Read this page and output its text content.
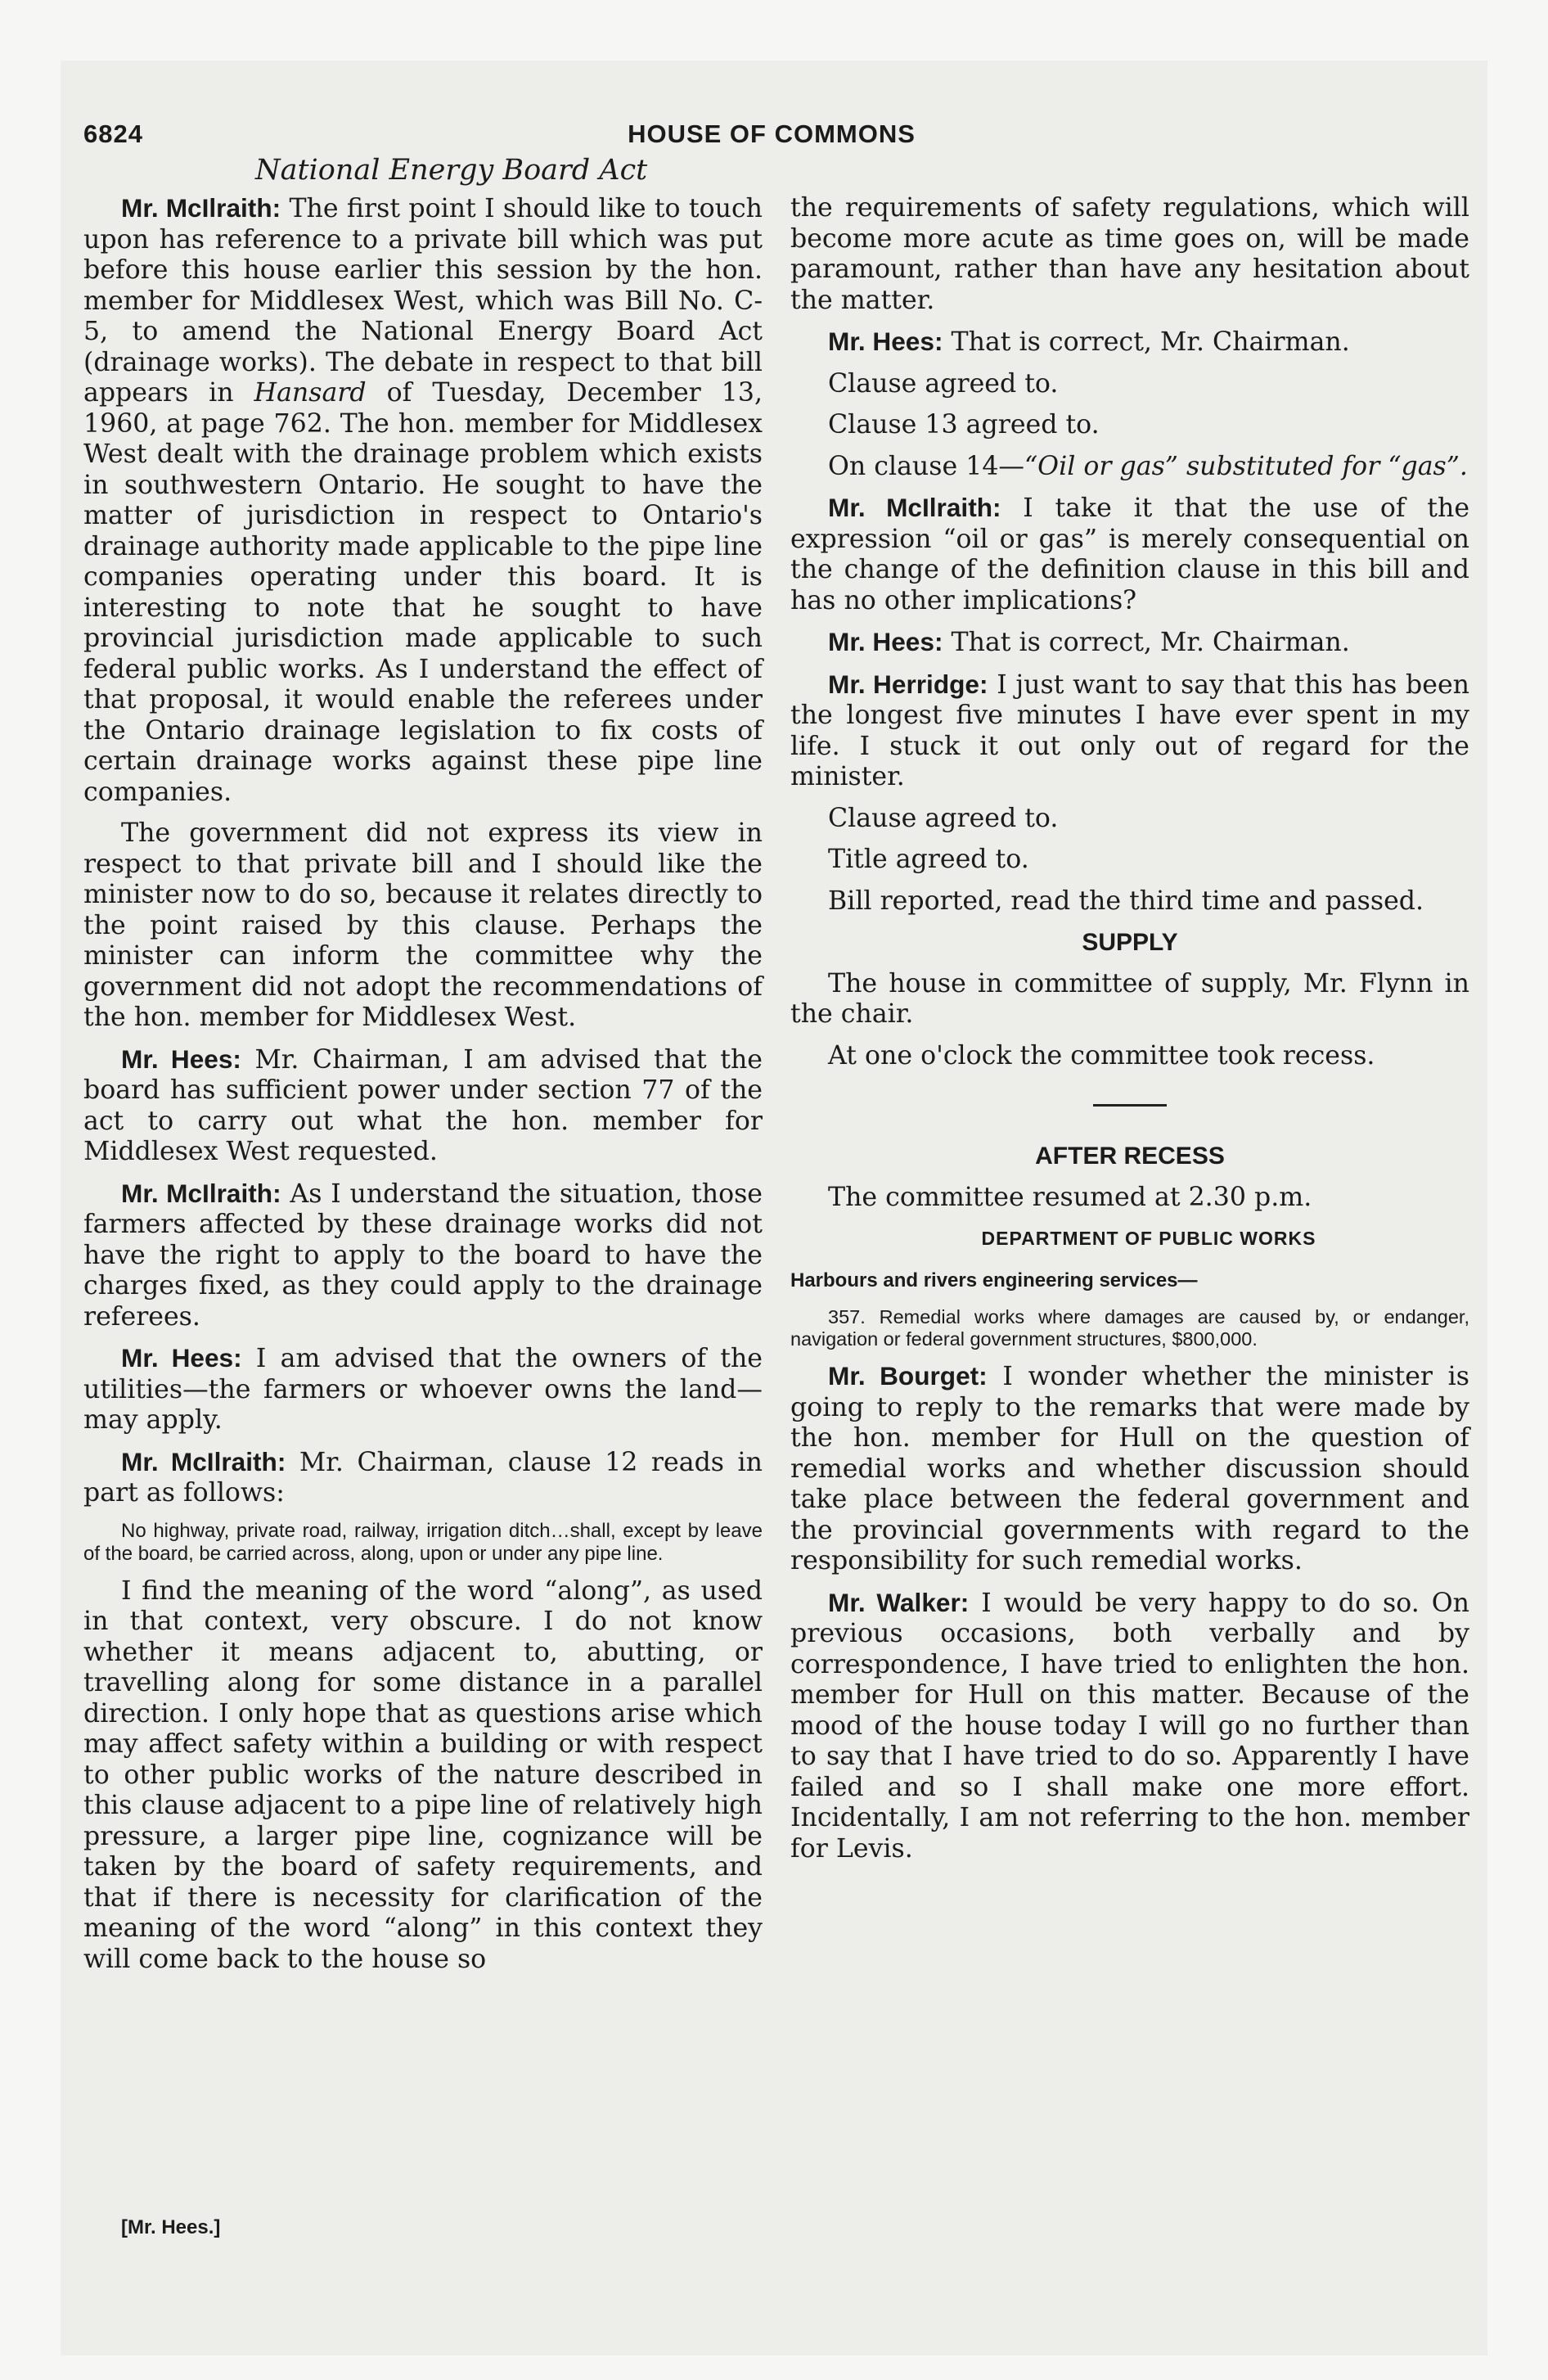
6824	HOUSE OF COMMONS
National Energy Board Act

Mr. McIlraith: The first point I should like to touch upon has reference to a private bill which was put before this house earlier this session by the hon. member for Middlesex West, which was Bill No. C-5, to amend the National Energy Board Act (drainage works). The debate in respect to that bill appears in Hansard of Tuesday, December 13, 1960, at page 762. The hon. member for Middlesex West dealt with the drainage problem which exists in southwestern Ontario. He sought to have the matter of jurisdiction in respect to Ontario's drainage authority made applicable to the pipe line companies operating under this board. It is interesting to note that he sought to have provincial jurisdiction made applicable to such federal public works. As I understand the effect of that proposal, it would enable the referees under the Ontario drainage legislation to fix costs of certain drainage works against these pipe line companies.

The government did not express its view in respect to that private bill and I should like the minister now to do so, because it relates directly to the point raised by this clause. Perhaps the minister can inform the committee why the government did not adopt the recommendations of the hon. member for Middlesex West.

Mr. Hees: Mr. Chairman, I am advised that the board has sufficient power under section 77 of the act to carry out what the hon. member for Middlesex West requested.

Mr. McIlraith: As I understand the situation, those farmers affected by these drainage works did not have the right to apply to the board to have the charges fixed, as they could apply to the drainage referees.

Mr. Hees: I am advised that the owners of the utilities—the farmers or whoever owns the land—may apply.

Mr. McIlraith: Mr. Chairman, clause 12 reads in part as follows:

No highway, private road, railway, irrigation ditch…shall, except by leave of the board, be carried across, along, upon or under any pipe line.

I find the meaning of the word “along”, as used in that context, very obscure. I do not know whether it means adjacent to, abutting, or travelling along for some distance in a parallel direction. I only hope that as questions arise which may affect safety within a building or with respect to other public works of the nature described in this clause adjacent to a pipe line of relatively high pressure, a larger pipe line, cognizance will be taken by the board of safety requirements, and that if there is necessity for clarification of the meaning of the word “along” in this context they will come back to the house so

the requirements of safety regulations, which will become more acute as time goes on, will be made paramount, rather than have any hesitation about the matter.

Mr. Hees: That is correct, Mr. Chairman.

Clause agreed to.

Clause 13 agreed to.

On clause 14—“Oil or gas” substituted for “gas”.

Mr. McIlraith: I take it that the use of the expression “oil or gas” is merely consequential on the change of the definition clause in this bill and has no other implications?

Mr. Hees: That is correct, Mr. Chairman.

Mr. Herridge: I just want to say that this has been the longest five minutes I have ever spent in my life. I stuck it out only out of regard for the minister.

Clause agreed to.

Title agreed to.

Bill reported, read the third time and passed.

SUPPLY

The house in committee of supply, Mr. Flynn in the chair.

At one o'clock the committee took recess.

AFTER RECESS

The committee resumed at 2.30 p.m.

DEPARTMENT OF PUBLIC WORKS

Harbours and rivers engineering services—

357. Remedial works where damages are caused by, or endanger, navigation or federal government structures, $800,000.

Mr. Bourget: I wonder whether the minister is going to reply to the remarks that were made by the hon. member for Hull on the question of remedial works and whether discussion should take place between the federal government and the provincial governments with regard to the responsibility for such remedial works.

Mr. Walker: I would be very happy to do so. On previous occasions, both verbally and by correspondence, I have tried to enlighten the hon. member for Hull on this matter. Because of the mood of the house today I will go no further than to say that I have tried to do so. Apparently I have failed and so I shall make one more effort. Incidentally, I am not referring to the hon. member for Levis.

[Mr. Hees.]
